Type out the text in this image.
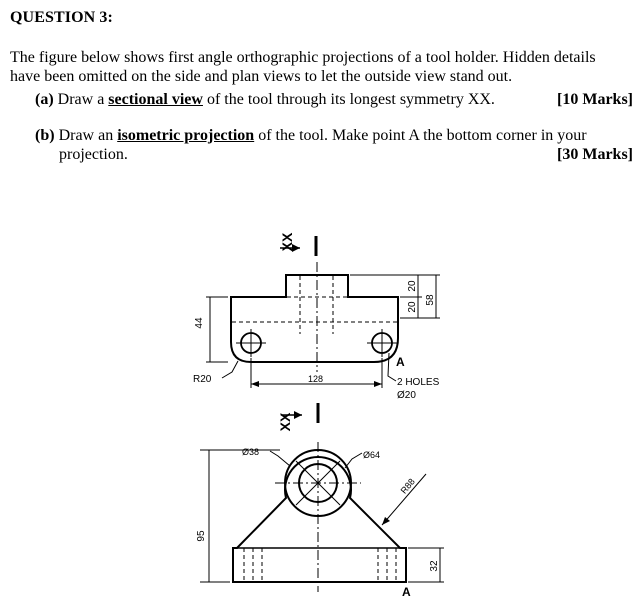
QUESTION 3:
The figure below shows first angle orthographic projections of a tool holder. Hidden details
have been omitted on the side and plan views to let the outside view stand out.
(a) Draw a sectional view of the tool through its longest symmetry XX.	[10 Marks]
(b) Draw an isometric projection of the tool. Make point A the bottom corner in your
projection.	[30 Marks]
XX
XX
44
20
20
58
R20	128
A
2 HOLES
Ø20
Ø38	Ø64
R88
95
32
A
